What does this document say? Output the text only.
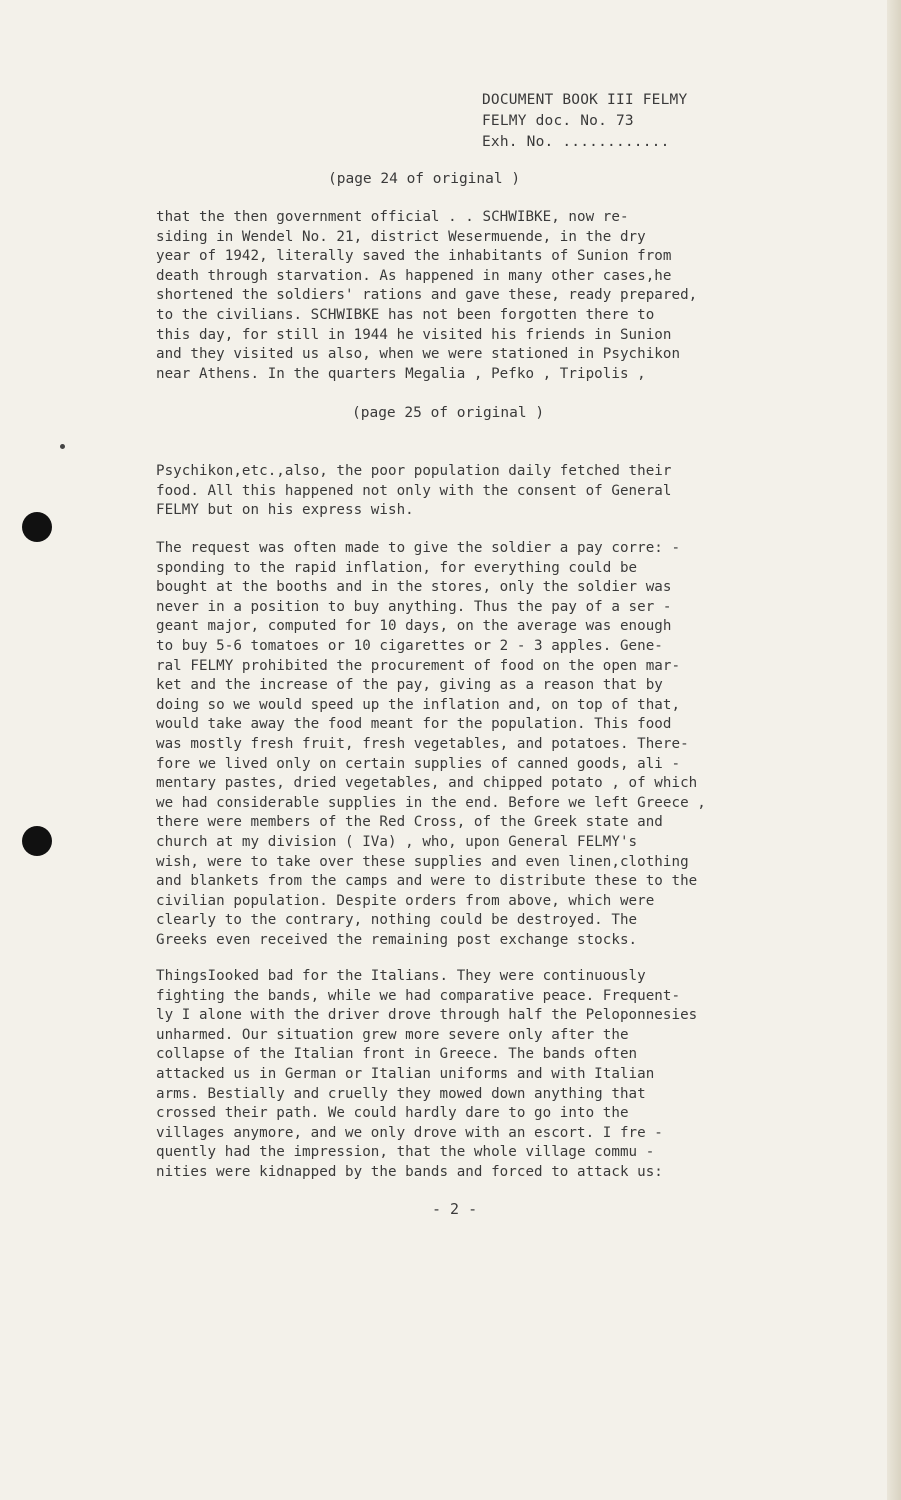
DOCUMENT BOOK III FELMY
FELMY doc. No. 73
Exh. No. ............
(page 24 of original )
that the then government official . . SCHWIBKE, now re-
siding in Wendel No. 21, district Wesermuende, in the dry
year of 1942, literally saved the inhabitants of Sunion from
death through starvation. As happened in many other cases,he
shortened the soldiers' rations and gave these, ready prepared,
to the civilians. SCHWIBKE has not been forgotten there to
this day, for still in 1944 he visited his friends in Sunion
and they visited us also, when we were stationed in Psychikon
near Athens. In the quarters Megalia , Pefko , Tripolis ,
(page 25 of original )
Psychikon,etc.,also, the poor population daily fetched their
food. All this happened not only with the consent of General
FELMY but on his express wish.
The request was often made to give the soldier a pay corre: -
sponding to the rapid inflation, for everything could be
bought at the booths and in the stores, only the soldier was
never in a position to buy anything. Thus the pay of a ser -
geant major, computed for 10 days, on the average was enough
to buy 5-6 tomatoes or 10 cigarettes or 2 - 3 apples. Gene-
ral FELMY prohibited the procurement of food on the open mar-
ket and the increase of the pay, giving as a reason that by
doing so we would speed up the inflation and, on top of that,
would take away the food meant for the population. This food
was mostly fresh fruit, fresh vegetables, and potatoes. There-
fore we lived only on certain supplies of canned goods, ali -
mentary pastes, dried vegetables, and chipped potato , of which
we had considerable supplies in the end. Before we left Greece ,
there were members of the Red Cross, of the Greek state and
church at my division ( IVa) , who, upon General FELMY's
wish, were to take over these supplies and even linen,clothing
and blankets from the camps and were to distribute these to the
civilian population. Despite orders from above, which were
clearly to the contrary, nothing could be destroyed. The
Greeks even received the remaining post exchange stocks.
ThingsIooked bad for the Italians. They were continuously
fighting the bands, while we had comparative peace. Frequent-
ly I alone with the driver drove through half the Peloponnesies
unharmed. Our situation grew more severe only after the
collapse of the Italian front in Greece. The bands often
attacked us in German or Italian uniforms and with Italian
arms. Bestially and cruelly they mowed down anything that
crossed their path. We could hardly dare to go into the
villages anymore, and we only drove with an escort. I fre -
quently had the impression, that the whole village commu -
nities were kidnapped by the bands and forced to attack us:
- 2 -
